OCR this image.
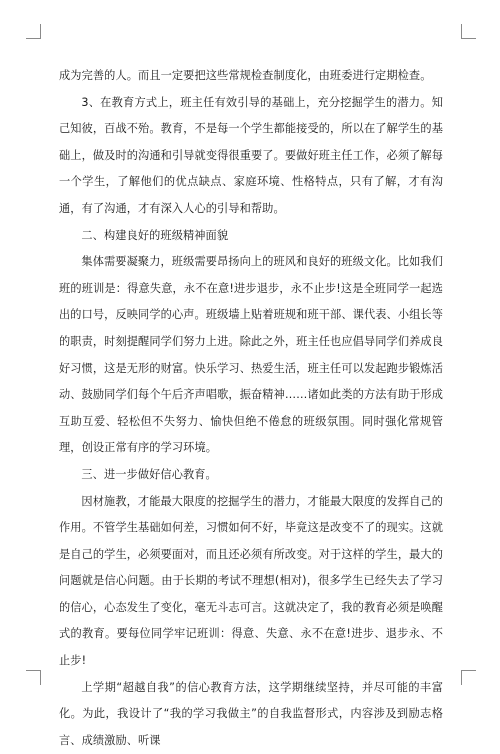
成为完善的人。而且一定要把这些常规检查制度化，由班委进行定期检查。

3、在教育方式上，班主任有效引导的基础上，充分挖掘学生的潜力。知己知彼，百战不殆。教育，不是每一个学生都能接受的，所以在了解学生的基础上，做及时的沟通和引导就变得很重要了。要做好班主任工作，必须了解每一个学生，了解他们的优点缺点、家庭环境、性格特点，只有了解，才有沟通，有了沟通，才有深入人心的引导和帮助。

二、构建良好的班级精神面貌

集体需要凝聚力，班级需要昂扬向上的班风和良好的班级文化。比如我们班的班训是：得意失意，永不在意!进步退步，永不止步!这是全班同学一起选出的口号，反映同学的心声。班级墙上贴着班规和班干部、课代表、小组长等的职责，时刻提醒同学们努力上进。除此之外，班主任也应倡导同学们养成良好习惯，这是无形的财富。快乐学习、热爱生活，班主任可以发起跑步锻炼活动、鼓励同学们每个午后齐声唱歌，振奋精神……诸如此类的方法有助于形成互助互爱、轻松但不失努力、愉快但绝不倦怠的班级氛围。同时强化常规管理，创设正常有序的学习环境。

三、进一步做好信心教育。

因材施教，才能最大限度的挖掘学生的潜力，才能最大限度的发挥自己的作用。不管学生基础如何差，习惯如何不好，毕竟这是改变不了的现实。这就是自己的学生，必须要面对，而且还必须有所改变。对于这样的学生，最大的问题就是信心问题。由于长期的考试不理想(相对)，很多学生已经失去了学习的信心，心态发生了变化，毫无斗志可言。这就决定了，我的教育必须是唤醒式的教育。要每位同学牢记班训：得意、失意、永不在意!进步、退步永、不止步!

上学期“超越自我”的信心教育方法，这学期继续坚持，并尽可能的丰富化。为此，我设计了“我的学习我做主”的自我监督形式，内容涉及到励志格言、成绩激励、听课
